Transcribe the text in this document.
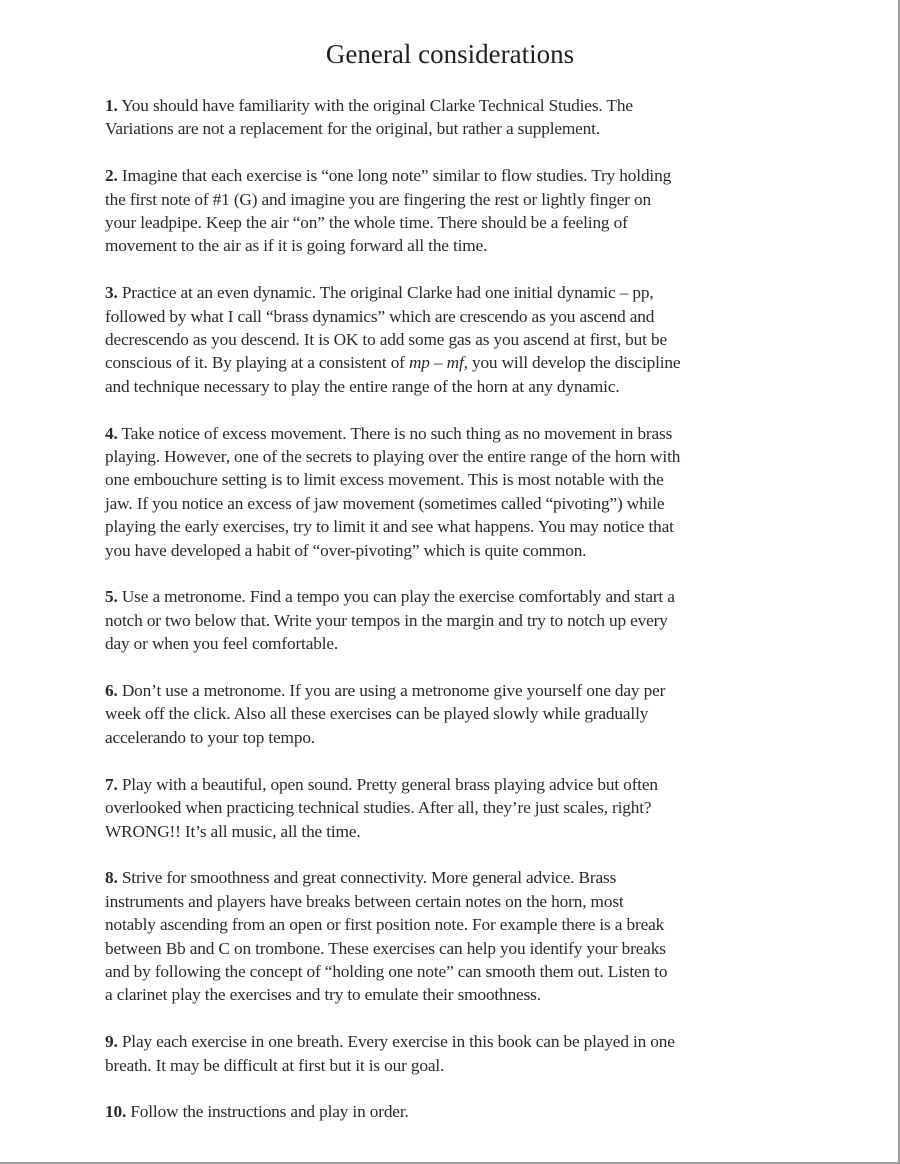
General considerations

1. You should have familiarity with the original Clarke Technical Studies. The
Variations are not a replacement for the original, but rather a supplement.

2. Imagine that each exercise is “one long note” similar to flow studies. Try holding
the first note of #1 (G) and imagine you are fingering the rest or lightly finger on
your leadpipe. Keep the air “on” the whole time. There should be a feeling of
movement to the air as if it is going forward all the time.

3. Practice at an even dynamic. The original Clarke had one initial dynamic – pp,
followed by what I call “brass dynamics” which are crescendo as you ascend and
decrescendo as you descend. It is OK to add some gas as you ascend at first, but be
conscious of it. By playing at a consistent of mp – mf, you will develop the discipline
and technique necessary to play the entire range of the horn at any dynamic.

4. Take notice of excess movement. There is no such thing as no movement in brass
playing. However, one of the secrets to playing over the entire range of the horn with
one embouchure setting is to limit excess movement. This is most notable with the
jaw. If you notice an excess of jaw movement (sometimes called “pivoting”) while
playing the early exercises, try to limit it and see what happens. You may notice that
you have developed a habit of “over-pivoting” which is quite common.

5. Use a metronome. Find a tempo you can play the exercise comfortably and start a
notch or two below that. Write your tempos in the margin and try to notch up every
day or when you feel comfortable.

6. Don’t use a metronome. If you are using a metronome give yourself one day per
week off the click. Also all these exercises can be played slowly while gradually
accelerando to your top tempo.

7. Play with a beautiful, open sound. Pretty general brass playing advice but often
overlooked when practicing technical studies. After all, they’re just scales, right?
WRONG!! It’s all music, all the time.

8. Strive for smoothness and great connectivity. More general advice. Brass
instruments and players have breaks between certain notes on the horn, most
notably ascending from an open or first position note. For example there is a break
between Bb and C on trombone. These exercises can help you identify your breaks
and by following the concept of “holding one note” can smooth them out. Listen to
a clarinet play the exercises and try to emulate their smoothness.

9. Play each exercise in one breath. Every exercise in this book can be played in one
breath. It may be difficult at first but it is our goal.

10. Follow the instructions and play in order.
